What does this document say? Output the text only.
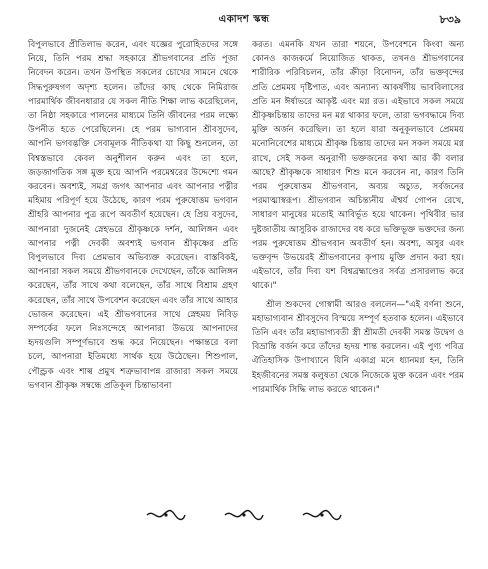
একাদশ স্কন্ধ	৮৩৯

বিপুলভাবে প্রীতিলাভ করেন, এবং যজ্ঞের পুরোহিতদের সঙ্গে নিয়ে, তিনি পরম শ্রদ্ধা সহকারে শ্রীভগবানের প্রতি পূজা নিবেদন করেন। তখন উপস্থিত সকলের চোখের সামনে থেকে সিদ্ধপুরুষগণ অদৃশ্য হলেন। তাঁদের কাছ থেকে নিমিরাজ পারমার্থিক জীবনধারার যে সকল নীতি শিক্ষা লাভ করেছিলেন, তা নিষ্ঠা সহকারে পালনের মাধ্যমে তিনি জীবনের পরম লক্ষ্যে উপনীত হতে পেরেছিলেন। হে পরম ভাগ্যবান শ্রীবসুদেব, আপনি ভগবদ্ভক্তি সেবামূলক নীতিকথা যা কিছু শুনলেন, তা বিশ্বস্তভাবে কেবল অনুশীলন করুন এবং তা হলে, জড়জাগতিক সঙ্গ মুক্ত হয়ে আপনি পরমেশ্বরের উদ্দেশ্যে গমন করবেন। অবশ্যই, সমগ্র জগৎ আপনার এবং আপনার পত্নীর মহিমায় পরিপূর্ণ হয়ে উঠেছে, কারণ পরম পুরুষোত্তম ভগবান শ্রীহরি আপনার পুত্র রূপে অবতীর্ণ হয়েছেন। হে প্রিয় বসুদেব, আপনারা দুজনেই স্নেহভরে শ্রীকৃষ্ণকে দর্শন, আলিঙ্গন এবং আপনার পত্নী দেবকী অবশ্যই ভগবান শ্রীকৃষ্ণের প্রতি বিপুলভাবে দিব্য প্রেমভাব অভিব্যক্ত করেছেন। বাস্তবিকই, আপনারা সকল সময়ে শ্রীভগবানকে দেখেছেন, তাঁকে আলিঙ্গন করেছেন, তাঁর সাথে কথা বলেছেন, তাঁর সাথে বিশ্রাম গ্রহণ করেছেন, তাঁর সাথে উপবেশন করেছেন এবং তাঁর সাথে আহার ভোজন করেছেন। এই শ্রীভগবানের সাথে স্নেহময় নিবিড় সম্পর্কের ফলে নিঃসন্দেহে আপনারা উভয়ে আপনাদের হৃদয়গুলি সম্পূর্ণভাবে শুদ্ধ করে নিয়েছেন। পক্ষান্তরে বলা চলে, আপনারা ইতিমধ্যে সার্থক হয়ে উঠেছেন। শিশুপাল, পৌণ্ড্রক এবং শাল্ব প্রমুখ শত্রুভাবাপন্ন রাজারা সকল সময়ে ভগবান শ্রীকৃষ্ণ সম্বন্ধে প্রতিকূল চিন্তাভাবনা

করত। এমনকি যখন তারা শয়নে, উপবেশনে কিংবা অন্য কোনও কাজকর্মে নিয়োজিত থাকত, তখনও শ্রীভগবানের শারীরিক পরিবিচলন, তাঁর ক্রীড়া বিনোদন, তাঁর ভক্তবৃন্দের প্রতি প্রেমময় দৃষ্টিপাত, এবং অন্যান্য আকর্ষণীয় ভাববিলাসের প্রতি মন ঈর্ষাভরে আকৃষ্ট এবং মগ্ন রত। এইভাবে সকল সময়ে শ্রীকৃষ্ণচিন্তায় তাদের মন মগ্ন থাকার ফলে, তারা ভগবদ্ধামে দিব্য মুক্তি অর্জন করেছিল। তা হলে যারা অনুকূলভাবে প্রেমময় মনোনিবেশের মাধ্যমে শ্রীকৃষ্ণ চিন্তায় তাদের মন সকল সময়ে মগ্ন রাখে, সেই সকল অনুরাগী ভক্তজনের কথা আর কী বলার আছে? শ্রীকৃষ্ণকে সাধারণ শিশু মনে করবেন না, কারণ তিনি পরম পুরুষোত্তম শ্রীভগবান, অব্যয় অচ্যুত, সর্বজনের পরমাত্মাস্বরূপ। শ্রীভগবান অচিন্ত্যনীয় ঐশ্বর্য গোপন রেখে, সাধারণ মানুষের মতোই আবির্ভূত হয়ে থাকেন। পৃথিবীর ভার দুষ্টজাতীয় আসুরিক রাজাদের বধ করে ভক্তিভূক্ত ভক্তদের জন্য পরম পুরুষোত্তম শ্রীভগবান অবতীর্ণ হন। অবশ্য, অসুর এবং ভক্তবৃন্দ উভয়েরই শ্রীভগবানের কৃপায় মুক্তি প্রদান করা হয়। এইভাবে, তাঁর দিব্য যশ বিশ্বব্রহ্মাণ্ডের সর্বত্র প্রসারলাভ করে থাকে।"

শ্রীল শুকদেব গোস্বামী আরও বললেন—"এই বর্ণনা শুনে, মহাভাগ্যবান শ্রীবসুদেব বিস্ময়ে সম্পূর্ণ হতবাক হলেন। এইভাবে তিনি এবং তাঁর মহাভাগ্যবতী স্ত্রী শ্রীমতী দেবকী সমস্ত উদ্বেগ ও বিভ্রান্তি বর্জন করে তাঁদের হৃদয় শান্ত করলেন। এই পুণ্য পবিত্র ঐতিহাসিক উপাখ্যানে যিনি একাগ্র মনে ধ্যানমগ্ন হন, তিনি ইহজীবনের সমস্ত কলুষতা থেকে নিজেকে মুক্ত করেন এবং পরম পারমার্থিক সিদ্ধি লাভ করতে থাকেন।"
